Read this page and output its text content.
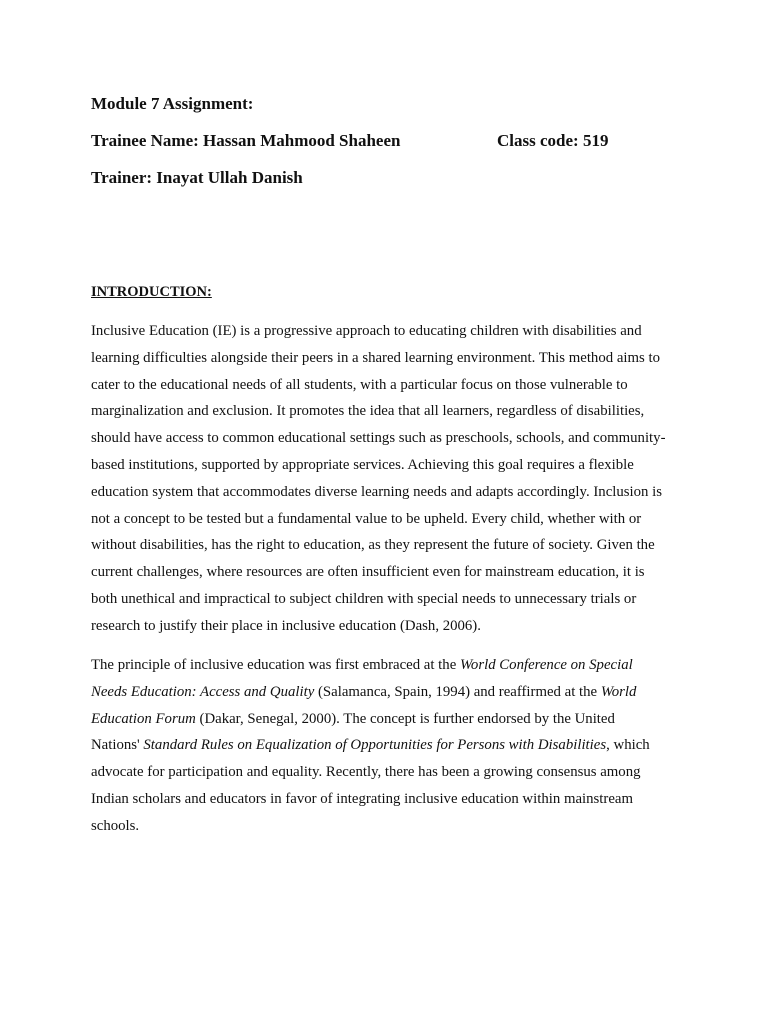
Module 7 Assignment:

Trainee Name: Hassan Mahmood Shaheen	Class code: 519

Trainer: Inayat Ullah Danish

INTRODUCTION:

Inclusive Education (IE) is a progressive approach to educating children with disabilities and
learning difficulties alongside their peers in a shared learning environment. This method aims to
cater to the educational needs of all students, with a particular focus on those vulnerable to
marginalization and exclusion. It promotes the idea that all learners, regardless of disabilities,
should have access to common educational settings such as preschools, schools, and community-
based institutions, supported by appropriate services. Achieving this goal requires a flexible
education system that accommodates diverse learning needs and adapts accordingly. Inclusion is
not a concept to be tested but a fundamental value to be upheld. Every child, whether with or
without disabilities, has the right to education, as they represent the future of society. Given the
current challenges, where resources are often insufficient even for mainstream education, it is
both unethical and impractical to subject children with special needs to unnecessary trials or
research to justify their place in inclusive education (Dash, 2006).
The principle of inclusive education was first embraced at the World Conference on Special
Needs Education: Access and Quality (Salamanca, Spain, 1994) and reaffirmed at the World
Education Forum (Dakar, Senegal, 2000). The concept is further endorsed by the United
Nations' Standard Rules on Equalization of Opportunities for Persons with Disabilities, which
advocate for participation and equality. Recently, there has been a growing consensus among
Indian scholars and educators in favor of integrating inclusive education within mainstream
schools.
